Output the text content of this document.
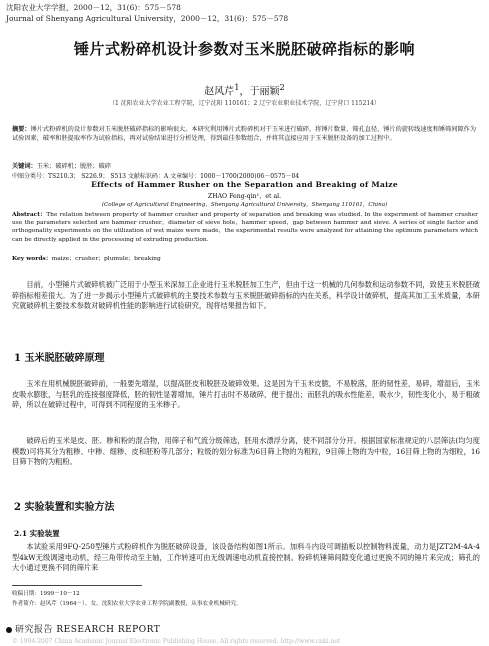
沈阳农业大学学报，2000－12，31(6)：575－578
Journal of Shenyang Agricultural University，2000－12，31(6)：575－578
锤片式粉碎机设计参数对玉米脱胚破碎指标的影响
赵风芹$^1$，于丽颖$^2$
（1 沈阳农业大学农业工程学院，辽宁沈阳 110161；2 辽宁农业职业技术学院，辽宁营口 115214）
摘要：锤片式粉碎机的设计参数对玉米脱胚破碎指标的影响很大。本研究利用锤片式粉碎机对干玉米进行破碎，将锤片数量、筛孔直径、锤片的旋转线速度和锤筛间隙作为试验因素，破率和胚提取率作为试验指标，再对试验结果进行分析处理，得到最佳参数组合，并将其直接应用于玉米脱胚设备的加工过程中。
关键词：玉米；破碎机；脱胚；破碎
中图分类号：TS210.3； S226.9； S513 文献标识码：A 文章编号：1000－1700(2000)06－0575－04
Effects of Hammer Rusher on the Separation and Breaking of Maize
ZHAO Feng-qin¹，et al.
(College of Agricultural Engineering，Shenyang Agricultural University，Shenyang 110161，China)
Abstract：The relation between property of hammer crusher and property of separation and breaking was studied. In the experiment of hammer crusher use the parameters selected are hammer crusher，diameter of sieve hole，hammer speed，gap between hammer and sieve. A series of single factor and orthogonality experiments on the utilization of wet maize were made，the experimental results were analyzed for attaining the optimum parameters which can be directly applied in the processing of extruding production.
Key words：maize；crusher；plumule；breaking
目前，小型锤片式破碎机被广泛用于小型玉米深加工企业进行玉米脱胚加工生产，但由于这一机械的几何参数和运动参数不同，致使玉米脱胚破碎指标相差很大。为了进一步揭示小型锤片式破碎机的主要技术参数与玉米脱胚破碎指标的内在关系，科学设计破碎机，提高其加工玉米质量，本研究就破碎机主要技术参数对破碎机性能的影响进行试验研究，现将结果报告如下。
1 玉米脱胚破碎原理
玉米在用机械脱胚破碎前，一般要先增湿，以提高胚皮和脱胚及破碎效果。这是因为干玉米皮脆，不易脱落，胚的韧性差，易碎，增湿后，玉米皮吸水膨胀，与胚乳的连接强度降低，胚的韧性显著增加，锤片打击时不易破碎，便于提出；而胚乳的吸水性能差，吸水少，韧性变化小，易于粗破碎，所以在破碎过程中，可得到不同程度的玉米糁子。
破碎后的玉米是皮、胚、糁和粉的混合物，用筛子和气流分级筛选，胚用水漂浮分离，使不同部分分开。根据国家标准规定的八层筛法(均匀度模数)可将其分为粗糁、中糁、细糁、皮和胚粉等几部分；粒级的划分标准为6目筛上物的为粗粒，9目筛上物的为中粒，16目筛上物的为细粒，16目筛下物的为粗粉。
2 实验装置和实验方法
2.1 实验装置
本试验采用9FQ-250型锤片式粉碎机作为脱胚破碎设备，该设备结构如图1所示。加料斗内设可调插板以控制物料流量，动力是JZT2M-4A-4型4kW无级调速电动机，经三角带传动至主轴，工作转速可由无级调速电动机直接控制。粉碎机锤筛间隙变化通过更换不同的锤片来完成；筛孔的大小通过更换不同的筛片来
收稿日期：1999－10－12
作者简介：赵风芹（1964－），女，沈阳农业大学农业工程学院副教授，从事农业机械研究。
研究报告 RESEARCH REPORT
© 1994-2007 China Academic Journal Electronic Publishing House. All rights reserved. http://www.cnki.net
